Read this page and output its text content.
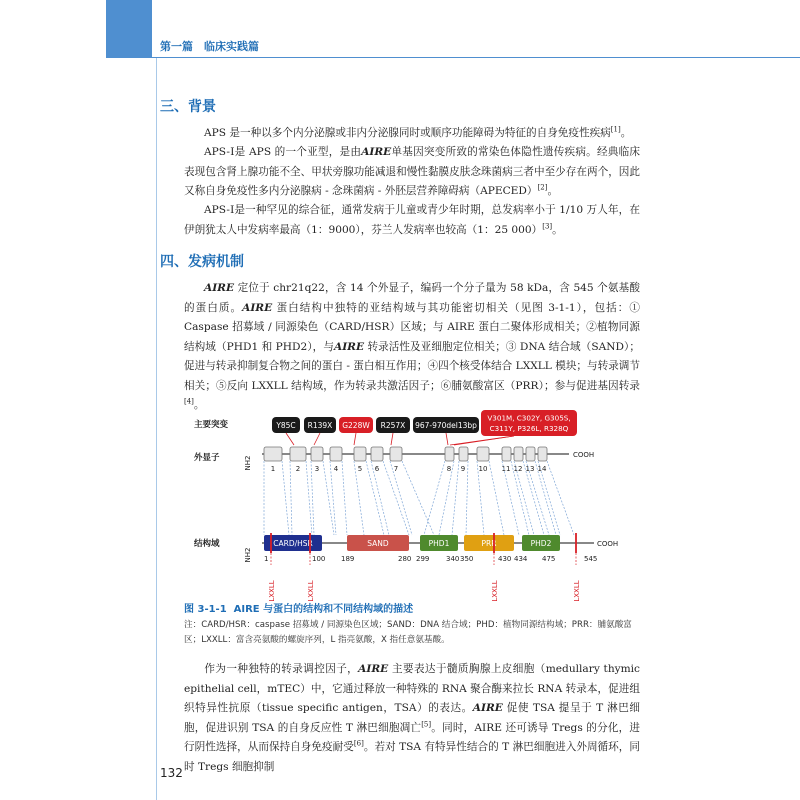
第一篇　临床实践篇
三、背景

APS 是一种以多个内分泌腺或非内分泌腺同时或顺序功能障碍为特征的自身免疫性疾病[1]。

APS-Ⅰ是 APS 的一个亚型，是由AIRE单基因突变所致的常染色体隐性遗传疾病。经典临床表现包含肾上腺功能不全、甲状旁腺功能减退和慢性黏膜皮肤念珠菌病三者中至少存在两个，因此又称自身免疫性多内分泌腺病 - 念珠菌病 - 外胚层营养障碍病（APECED）[2]。

APS-Ⅰ是一种罕见的综合征，通常发病于儿童或青少年时期，总发病率小于 1/10 万人年，在伊朗犹太人中发病率最高（1：9000），芬兰人发病率也较高（1：25 000）[3]。

四、发病机制

AIRE 定位于 chr21q22，含 14 个外显子，编码一个分子量为 58 kDa，含 545 个氨基酸的蛋白质。AIRE 蛋白结构中独特的亚结构域与其功能密切相关（见图 3-1-1），包括：① Caspase 招募域 / 同源染色（CARD/HSR）区域；与 AIRE 蛋白二聚体形成相关；②植物同源结构域（PHD1 和 PHD2），与AIRE 转录活性及亚细胞定位相关；③ DNA 结合域（SAND）；促进与转录抑制复合物之间的蛋白 - 蛋白相互作用；④四个核受体结合 LXXLL 模块；与转录调节相关；⑤反向 LXXLL 结构域，作为转录共激活因子；⑥脯氨酸富区（PRR）；参与促进基因转录[4]。

主要突变
外显子
结构域
Y85C R139X G228W R257X 967-970del13bp
V301M, C302Y, G305S,
C311Y, P326L, R328Q
NH2
COOH
1	2 3 4	5 6 7	8 9 10 11 12 13 14
NH2
COOH
CARD/HSR	SAND	PHD1	PRR	PHD2
1	100 189	280 299 340 350	430 434 475	545
LXXLL	LXXLL	LXXLL	LXXLL
图 3-1-1 AIRE 与蛋白的结构和不同结构域的描述
注：CARD/HSR：caspase 招募域 / 同源染色区域；SAND：DNA 结合域；PHD：植物同源结构域；PRR：脯氨酸富区；LXXLL：富含亮氨酸的螺旋序列，L 指亮氨酸，X 指任意氨基酸。

作为一种独特的转录调控因子，AIRE 主要表达于髓质胸腺上皮细胞（medullary thymic epithelial cell，mTEC）中，它通过释放一种特殊的 RNA 聚合酶来拉长 RNA 转录本，促进组织特异性抗原（tissue specific antigen，TSA）的表达。AIRE 促使 TSA 提呈于 T 淋巴细胞，促进识别 TSA 的自身反应性 T 淋巴细胞凋亡[5]。同时，AIRE 还可诱导 Tregs 的分化，进行阴性选择，从而保持自身免疫耐受[6]。若对 TSA 有特异性结合的 T 淋巴细胞进入外周循环，同时 Tregs 细胞抑制

132
